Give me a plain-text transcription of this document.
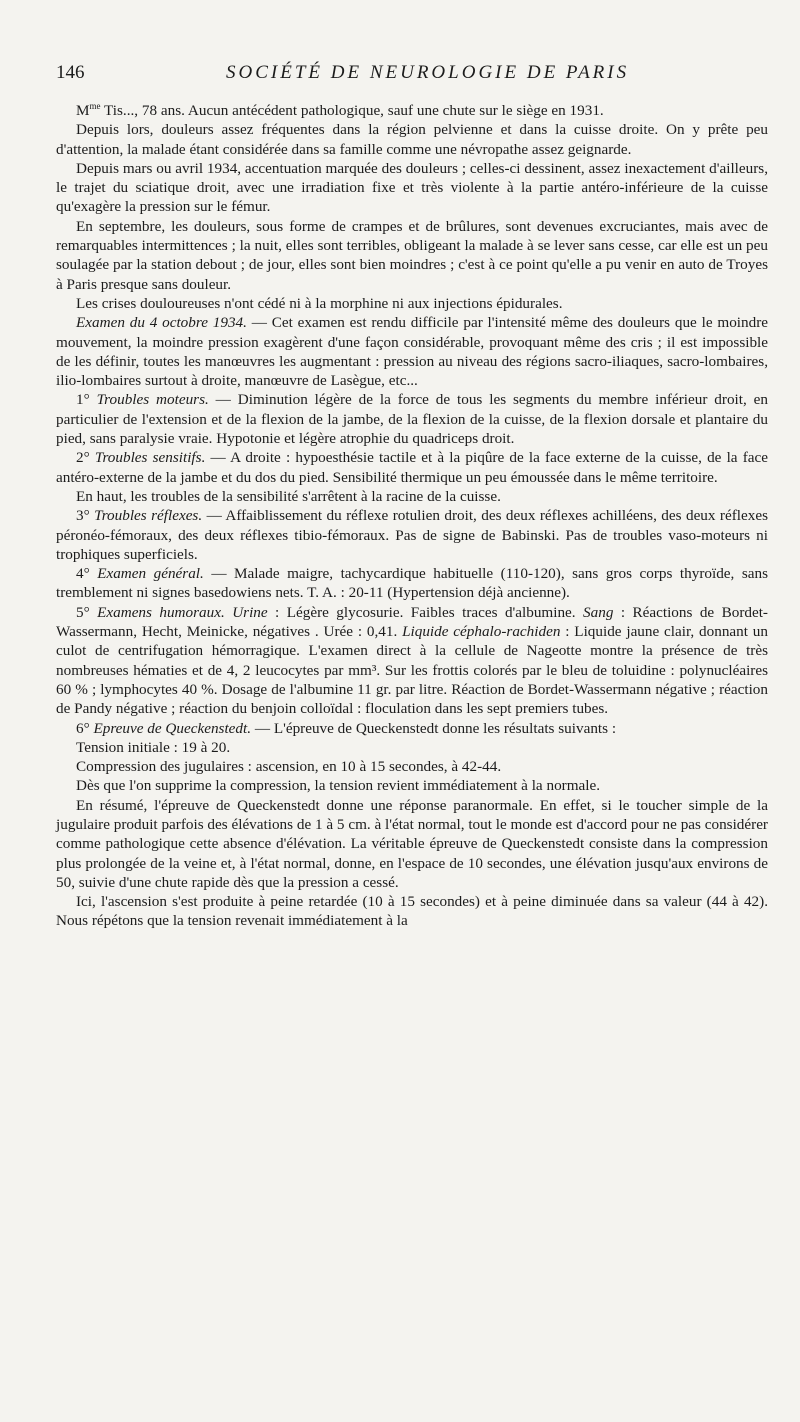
146	SOCIÉTÉ DE NEUROLOGIE DE PARIS

$M^{me}$ Tis..., 78 ans. Aucun antécédent pathologique, sauf une chute sur le siège en 1931.

Depuis lors, douleurs assez fréquentes dans la région pelvienne et dans la cuisse droite. On y prête peu d'attention, la malade étant considérée dans sa famille comme une névropathe assez geignarde.

Depuis mars ou avril 1934, accentuation marquée des douleurs ; celles-ci dessinent, assez inexactement d'ailleurs, le trajet du sciatique droit, avec une irradiation fixe et très violente à la partie antéro-inférieure de la cuisse qu'exagère la pression sur le fémur.

En septembre, les douleurs, sous forme de crampes et de brûlures, sont devenues excruciantes, mais avec de remarquables intermittences ; la nuit, elles sont terribles, obligeant la malade à se lever sans cesse, car elle est un peu soulagée par la station debout ; de jour, elles sont bien moindres ; c'est à ce point qu'elle a pu venir en auto de Troyes à Paris presque sans douleur.

Les crises douloureuses n'ont cédé ni à la morphine ni aux injections épidurales.

Examen du 4 octobre 1934. — Cet examen est rendu difficile par l'intensité même des douleurs que le moindre mouvement, la moindre pression exagèrent d'une façon considérable, provoquant même des cris ; il est impossible de les définir, toutes les manœuvres les augmentant : pression au niveau des régions sacro-iliaques, sacro-lombaires, ilio-lombaires surtout à droite, manœuvre de Lasègue, etc...

1° Troubles moteurs. — Diminution légère de la force de tous les segments du membre inférieur droit, en particulier de l'extension et de la flexion de la jambe, de la flexion de la cuisse, de la flexion dorsale et plantaire du pied, sans paralysie vraie. Hypotonie et légère atrophie du quadriceps droit.

2° Troubles sensitifs. — A droite : hypoesthésie tactile et à la piqûre de la face externe de la cuisse, de la face antéro-externe de la jambe et du dos du pied. Sensibilité thermique un peu émoussée dans le même territoire.

En haut, les troubles de la sensibilité s'arrêtent à la racine de la cuisse.

3° Troubles réflexes. — Affaiblissement du réflexe rotulien droit, des deux réflexes achilléens, des deux réflexes péronéo-fémoraux, des deux réflexes tibio-fémoraux. Pas de signe de Babinski. Pas de troubles vaso-moteurs ni trophiques superficiels.

4° Examen général. — Malade maigre, tachycardique habituelle (110-120), sans gros corps thyroïde, sans tremblement ni signes basedowiens nets. T. A. : 20-11 (Hypertension déjà ancienne).

5° Examens humoraux. Urine : Légère glycosurie. Faibles traces d'albumine. Sang : Réactions de Bordet-Wassermann, Hecht, Meinicke, négatives . Urée : 0,41. Liquide céphalo-rachiden : Liquide jaune clair, donnant un culot de centrifugation hémorragique. L'examen direct à la cellule de Nageotte montre la présence de très nombreuses hématies et de 4, 2 leucocytes par mm³. Sur les frottis colorés par le bleu de toluidine : polynucléaires 60 % ; lymphocytes 40 %. Dosage de l'albumine 11 gr. par litre. Réaction de Bordet-Wassermann négative ; réaction de Pandy négative ; réaction du benjoin colloïdal : floculation dans les sept premiers tubes.

6° Epreuve de Queckenstedt. — L'épreuve de Queckenstedt donne les résultats suivants :

Tension initiale : 19 à 20.

Compression des jugulaires : ascension, en 10 à 15 secondes, à 42-44.

Dès que l'on supprime la compression, la tension revient immédiatement à la normale.

En résumé, l'épreuve de Queckenstedt donne une réponse paranormale. En effet, si le toucher simple de la jugulaire produit parfois des élévations de 1 à 5 cm. à l'état normal, tout le monde est d'accord pour ne pas considérer comme pathologique cette absence d'élévation. La véritable épreuve de Queckenstedt consiste dans la compression plus prolongée de la veine et, à l'état normal, donne, en l'espace de 10 secondes, une élévation jusqu'aux environs de 50, suivie d'une chute rapide dès que la pression a cessé.

Ici, l'ascension s'est produite à peine retardée (10 à 15 secondes) et à peine diminuée dans sa valeur (44 à 42). Nous répétons que la tension revenait immédiatement à la
